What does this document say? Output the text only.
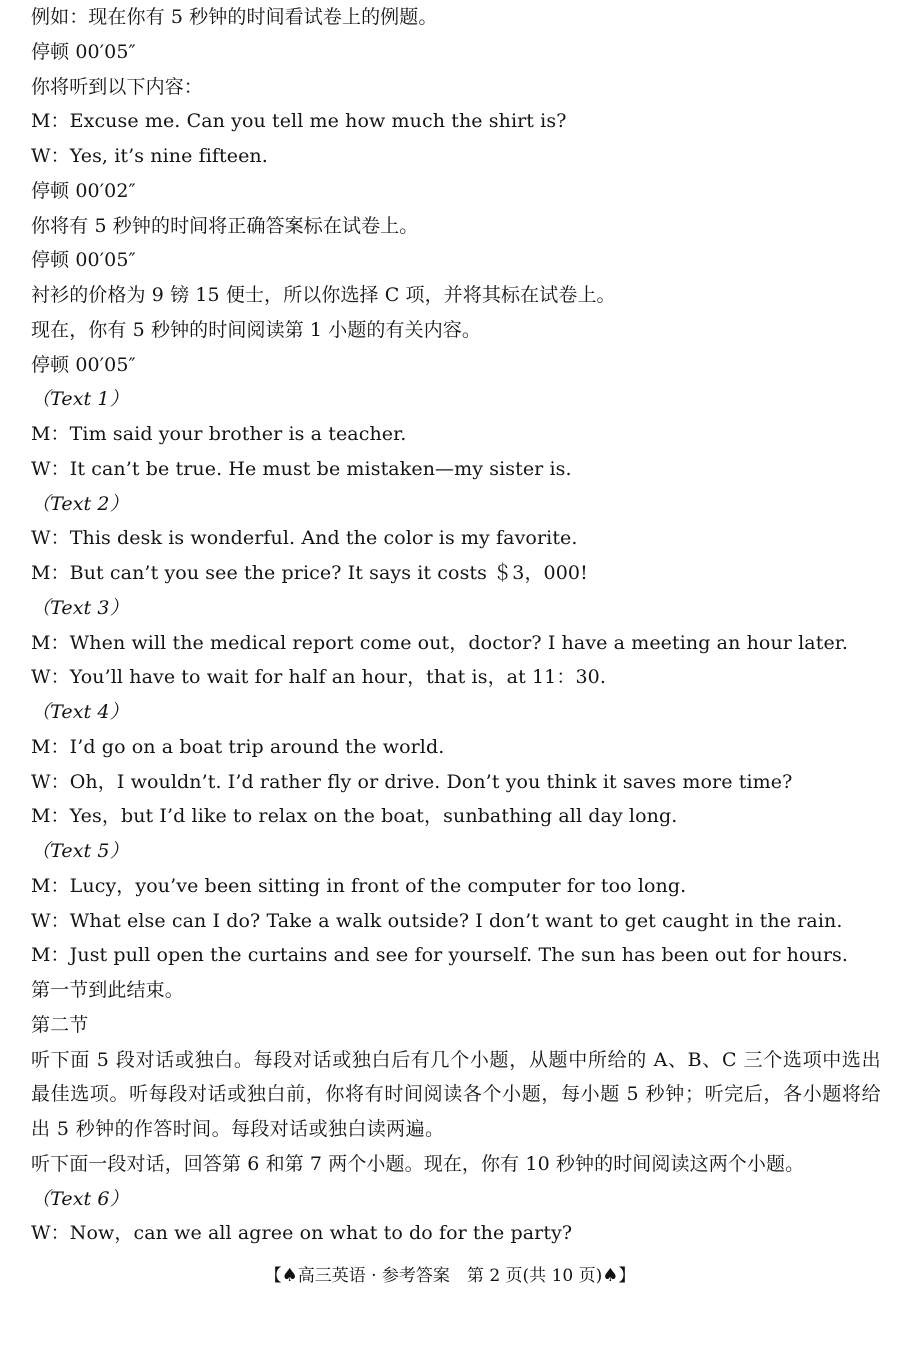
例如：现在你有 5 秒钟的时间看试卷上的例题。
停顿 00′05″
你将听到以下内容：
M：Excuse me. Can you tell me how much the shirt is?
W：Yes, it’s nine fifteen.
停顿 00′02″
你将有 5 秒钟的时间将正确答案标在试卷上。
停顿 00′05″
衬衫的价格为 9 镑 15 便士，所以你选择 C 项，并将其标在试卷上。
现在，你有 5 秒钟的时间阅读第 1 小题的有关内容。
停顿 00′05″
（Text 1）
M：Tim said your brother is a teacher.
W：It can’t be true. He must be mistaken—my sister is.
（Text 2）
W：This desk is wonderful. And the color is my favorite.
M：But can’t you see the price? It says it costs ＄3，000!
（Text 3）
M：When will the medical report come out，doctor? I have a meeting an hour later.
W：You’ll have to wait for half an hour，that is，at 11：30.
（Text 4）
M：I’d go on a boat trip around the world.
W：Oh，I wouldn’t. I’d rather fly or drive. Don’t you think it saves more time?
M：Yes，but I’d like to relax on the boat，sunbathing all day long.
（Text 5）
M：Lucy，you’ve been sitting in front of the computer for too long.
W：What else can I do? Take a walk outside? I don’t want to get caught in the rain.
M：Just pull open the curtains and see for yourself. The sun has been out for hours.
第一节到此结束。
第二节
听下面 5 段对话或独白。每段对话或独白后有几个小题，从题中所给的 A、B、C 三个选项中选出最佳选项。听每段对话或独白前，你将有时间阅读各个小题，每小题 5 秒钟；听完后，各小题将给出 5 秒钟的作答时间。每段对话或独白读两遍。
听下面一段对话，回答第 6 和第 7 两个小题。现在，你有 10 秒钟的时间阅读这两个小题。
（Text 6）
W：Now，can we all agree on what to do for the party?
【♠高三英语 · 参考答案　第 2 页(共 10 页)♠】
